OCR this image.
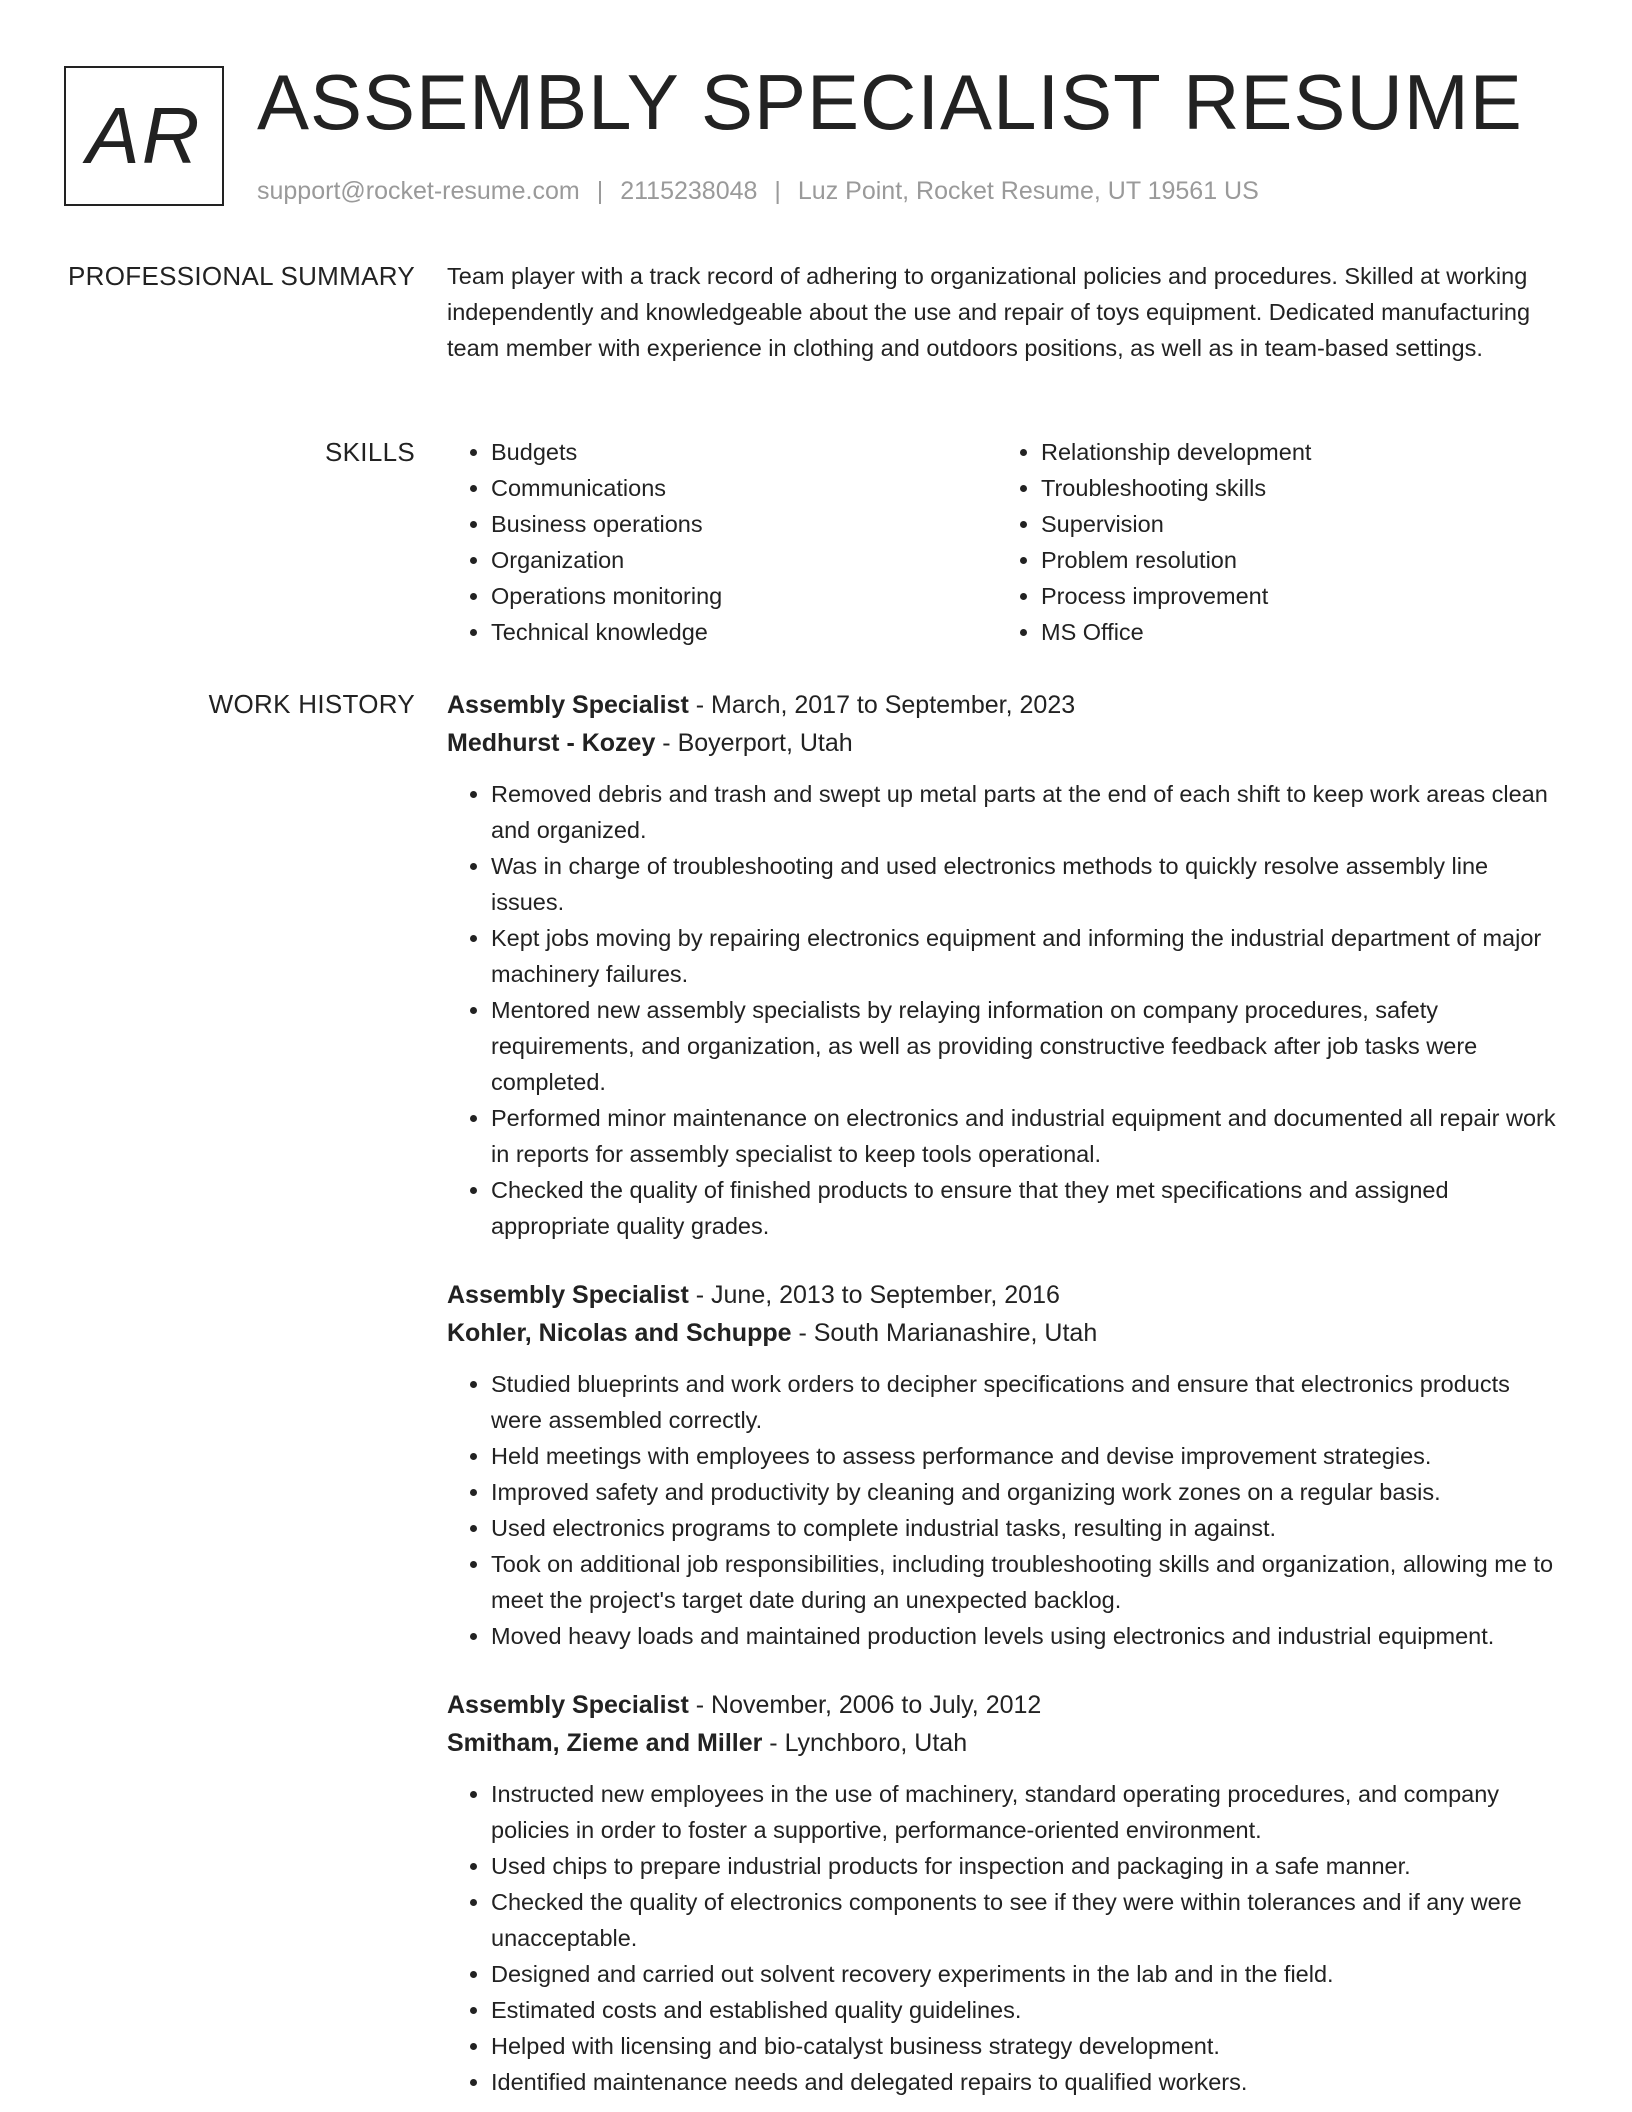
AR ASSEMBLY SPECIALIST RESUME
support@rocket-resume.com | 2115238048 | Luz Point, Rocket Resume, UT 19561 US
PROFESSIONAL SUMMARY Team player with a track record of adhering to organizational policies and procedures. Skilled at working independently and knowledgeable about the use and repair of toys equipment. Dedicated manufacturing team member with experience in clothing and outdoors positions, as well as in team-based settings.

SKILLS
•	Budgets
• Communications
• Business operations
• Organization
• Operations monitoring
• Technical knowledge
• Relationship development
• Troubleshooting skills
• Supervision
• Problem resolution
• Process improvement
• MS Office
WORK HISTORY Assembly Specialist - March, 2017 to September, 2023
Medhurst - Kozey - Boyerport, Utah
• Removed debris and trash and swept up metal parts at the end of each shift to keep work areas clean and organized.
• Was in charge of troubleshooting and used electronics methods to quickly resolve assembly line issues.
• Kept jobs moving by repairing electronics equipment and informing the industrial department of major machinery failures.
• Mentored new assembly specialists by relaying information on company procedures, safety requirements, and organization, as well as providing constructive feedback after job tasks were completed.
• Performed minor maintenance on electronics and industrial equipment and documented all repair work in reports for assembly specialist to keep tools operational.
• Checked the quality of finished products to ensure that they met specifications and assigned appropriate quality grades.
Assembly Specialist - June, 2013 to September, 2016
Kohler, Nicolas and Schuppe - South Marianashire, Utah
• Studied blueprints and work orders to decipher specifications and ensure that electronics products were assembled correctly.
• Held meetings with employees to assess performance and devise improvement strategies.
• Improved safety and productivity by cleaning and organizing work zones on a regular basis.
• Used electronics programs to complete industrial tasks, resulting in against.
• Took on additional job responsibilities, including troubleshooting skills and organization, allowing me to meet the project's target date during an unexpected backlog.
• Moved heavy loads and maintained production levels using electronics and industrial equipment.
Assembly Specialist - November, 2006 to July, 2012
Smitham, Zieme and Miller - Lynchboro, Utah
• Instructed new employees in the use of machinery, standard operating procedures, and company policies in order to foster a supportive, performance-oriented environment.
• Used chips to prepare industrial products for inspection and packaging in a safe manner.
• Checked the quality of electronics components to see if they were within tolerances and if any were unacceptable.
• Designed and carried out solvent recovery experiments in the lab and in the field.
• Estimated costs and established quality guidelines.
• Helped with licensing and bio-catalyst business strategy development.
• Identified maintenance needs and delegated repairs to qualified workers.
